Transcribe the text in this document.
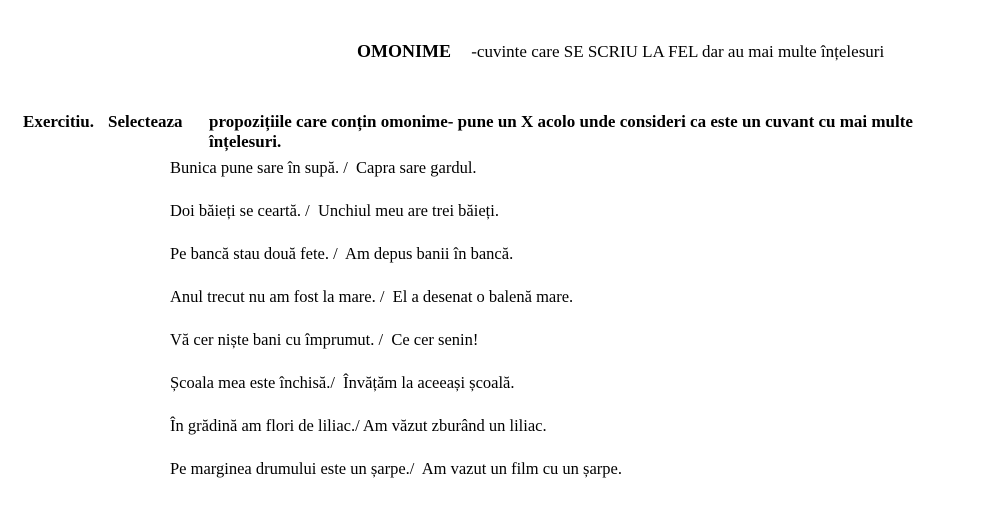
OMONIME -cuvinte care SE SCRIU LA FEL dar au mai multe înțelesuri
Exercitiu. Selecteaza propozițiile care conțin omonime- pune un X acolo unde consideri ca este un cuvant cu mai multe înțelesuri.
Bunica pune sare în supă. /  Capra sare gardul.
Doi băieți se ceartă. /  Unchiul meu are trei băieți.
Pe bancă stau două fete. /  Am depus banii în bancă.
Anul trecut nu am fost la mare. /  El a desenat o balenă mare.
Vă cer niște bani cu împrumut. /  Ce cer senin!
Școala mea este închisă./  Învățăm la aceeași școală.
În grădină am flori de liliac./ Am văzut zburând un liliac.
Pe marginea drumului este un șarpe./  Am vazut un film cu un șarpe.
